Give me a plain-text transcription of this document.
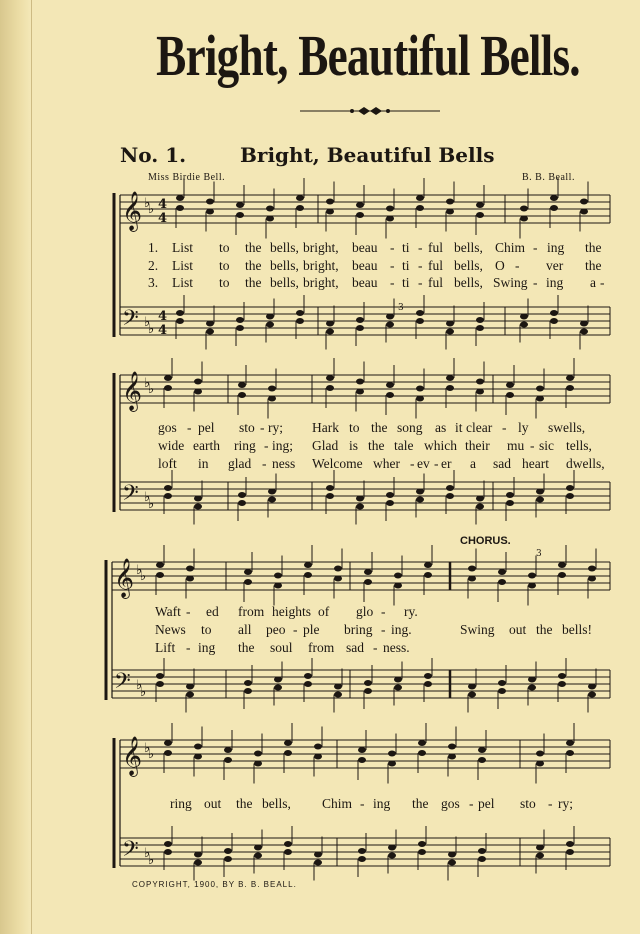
Bright, Beautiful Bells.
No. 1.	Bright, Beautiful Bells
Miss Birdie Bell.	B. B. Beall.
𝄞
𝄢
♭
♭
♭
♭
4
4
4
4
𝄞
𝄢
♭
♭
♭
♭
𝄞
𝄢
♭
♭
♭
♭
𝄞
𝄢
♭
♭
♭
♭
3
3
1. List to the bells, bright, beau - ti - ful bells, Chim - ing the
2. List to the bells, bright, beau - ti - ful bells, O - ver the
3. List to the bells, bright, beau - ti - ful bells, Swing - ing a -
gos - pel sto - ry; Hark to the song as it clear - ly swells,
wide earth ring - ing; Glad is the tale which their mu - sic tells,
loft in glad - ness Welcome wher - ev - er a sad heart dwells,
CHORUS.
Waft - ed from heights of glo - ry.
News to all peo - ple bring - ing.	Swing out the bells!
Lift - ing the soul from sad - ness.
ring out the bells, Chim - ing the gos - pel sto - ry;
COPYRIGHT, 1900, BY B. B. BEALL.
